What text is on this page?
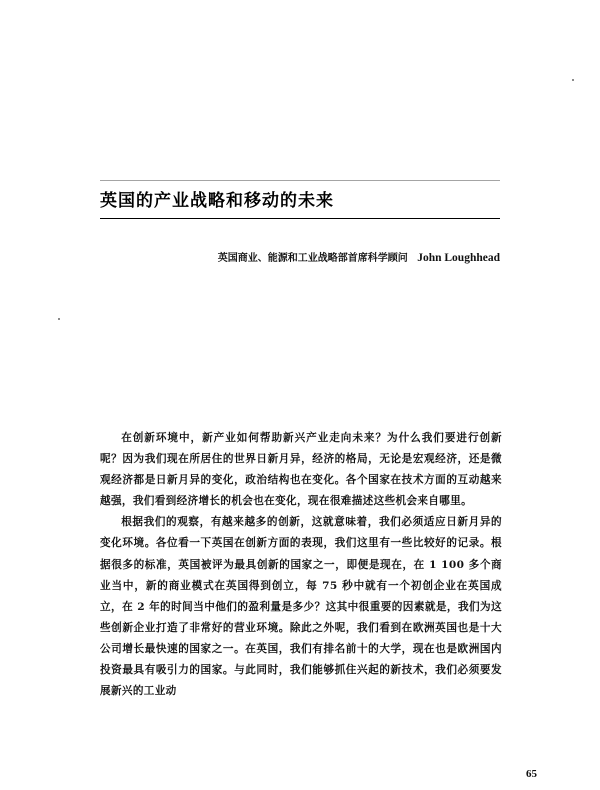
英国的产业战略和移动的未来
英国商业、能源和工业战略部首席科学顾问 John Loughhead

在创新环境中，新产业如何帮助新兴产业走向未来？为什么我们要进行创新呢？因为我们现在所居住的世界日新月异，经济的格局，无论是宏观经济，还是微观经济都是日新月异的变化，政治结构也在变化。各个国家在技术方面的互动越来越强，我们看到经济增长的机会也在变化，现在很难描述这些机会来自哪里。

根据我们的观察，有越来越多的创新，这就意味着，我们必须适应日新月异的变化环境。各位看一下英国在创新方面的表现，我们这里有一些比较好的记录。根据很多的标准，英国被评为最具创新的国家之一，即便是现在，在 1 100 多个商业当中，新的商业模式在英国得到创立，每 75 秒中就有一个初创企业在英国成立，在 2 年的时间当中他们的盈利量是多少？这其中很重要的因素就是，我们为这些创新企业打造了非常好的营业环境。除此之外呢，我们看到在欧洲英国也是十大公司增长最快速的国家之一。在英国，我们有排名前十的大学，现在也是欧洲国内投资最具有吸引力的国家。与此同时，我们能够抓住兴起的新技术，我们必须要发展新兴的工业动

65
